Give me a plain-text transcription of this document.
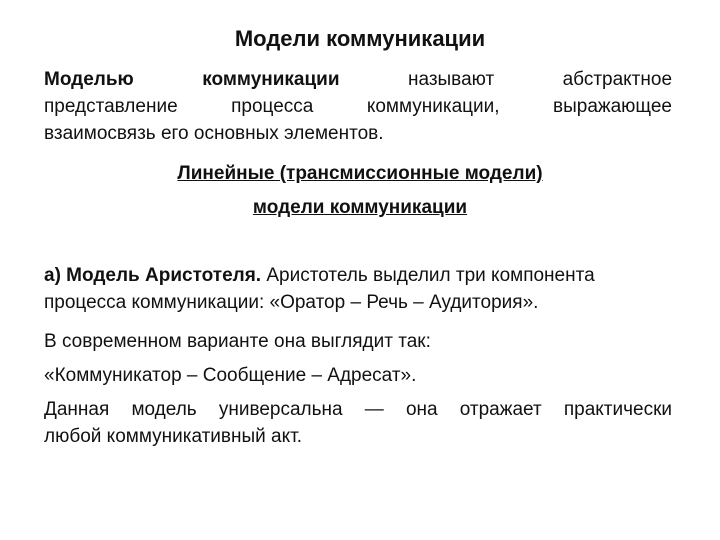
Модели коммуникации
Моделью	коммуникации	называют абстрактное
представление процесса коммуникации, выражающее
взаимосвязь его основных элементов.
Линейные (трансмиссионные модели)
модели коммуникации
а) Модель Аристотеля. Аристотель выделил три компонента
процесса коммуникации: «Оратор – Речь – Аудитория».
В современном варианте она выглядит так:
«Коммуникатор – Сообщение – Адресат».
Данная модель универсальна — она отражает практически
любой коммуникативный акт.
